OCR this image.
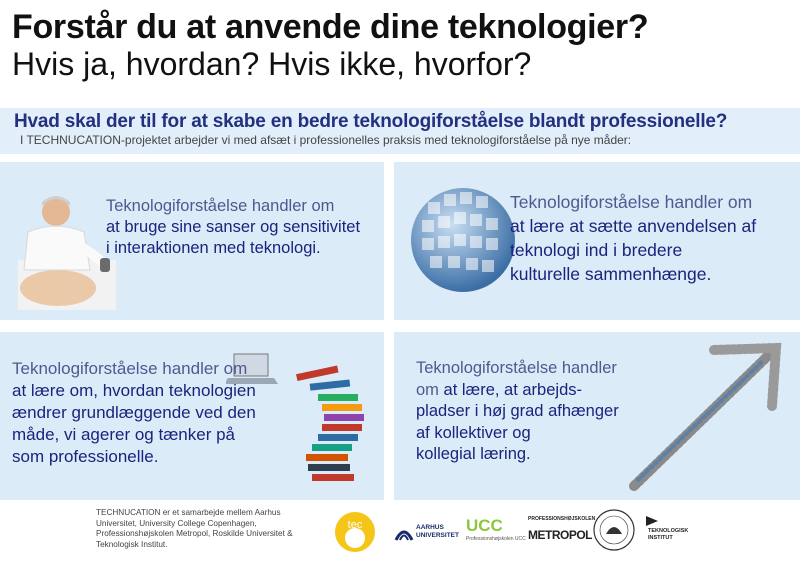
Forstår du at anvende dine teknologier?
Hvis ja, hvordan? Hvis ikke, hvorfor?
Hvad skal der til for at skabe en bedre teknologiforståelse blandt professionelle?
I TECHNUCATION-projektet arbejder vi med afsæt i professionelles praksis med teknologiforståelse på nye måder:
Teknologiforståelse handler om
at bruge sine sanser og sensitivitet
i interaktionen med teknologi.
Teknologiforståelse handler om
at lære at sætte anvendelsen af
teknologi ind i bredere
kulturelle sammenhænge.
Teknologiforståelse handler om
at lære om, hvordan teknologien
ændrer grundlæggende ved den
måde, vi agerer og tænker på
som professionelle.
Teknologiforståelse handler
om at lære, at arbejds-
pladser i høj grad afhænger
af kollektiver og
kollegial læring.
TECHNUCATION er et samarbejde mellem Aarhus Universitet, University College Copenhagen, Professionshøjskolen Metropol, Roskilde Universitet & Teknologisk Institut.
tec	AARHUS
UNIVERSITET UCC
Professionshøjskolen UCC
PROFESSIONSHØJSKOLEN
METROPOL	TEKNOLOGISK
INSTITUT
